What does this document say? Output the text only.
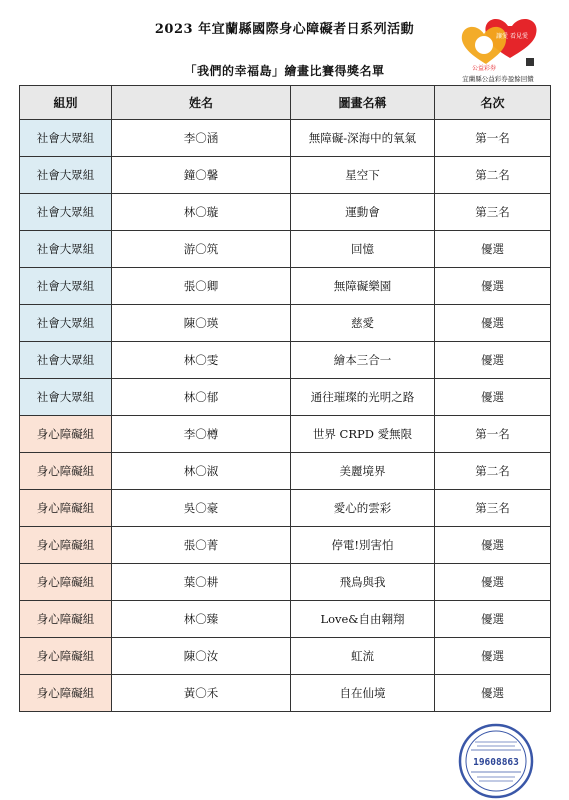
2023 年宜蘭縣國際身心障礙者日系列活動
「我們的幸福島」繪畫比賽得獎名單
讓愛 看見愛
公益彩券
宜蘭縣公益彩券盈餘回饋
組別	姓名	圖畫名稱	名次
社會大眾組	李〇涵	無障礙-深海中的氧氣	第一名
社會大眾組	鐘〇馨	星空下	第二名
社會大眾組	林〇璇	運動會	第三名
社會大眾組	游〇筑	回憶	優選
社會大眾組	張〇卿	無障礙樂園	優選
社會大眾組	陳〇瑛	慈愛	優選
社會大眾組	林〇雯	繪本三合一	優選
社會大眾組	林〇郁	通往璀璨的光明之路	優選
身心障礙組	李〇樽	世界 CRPD 愛無限	第一名
身心障礙組	林〇淑	美麗境界	第二名
身心障礙組	吳〇豪	愛心的雲彩	第三名
身心障礙組	張〇菁	停電!別害怕	優選
身心障礙組	葉〇耕	飛鳥與我	優選
身心障礙組	林〇臻	Love&自由翱翔	優選
身心障礙組	陳〇汝	虹流	優選
身心障礙組	黃〇禾	自在仙境	優選
19608863
